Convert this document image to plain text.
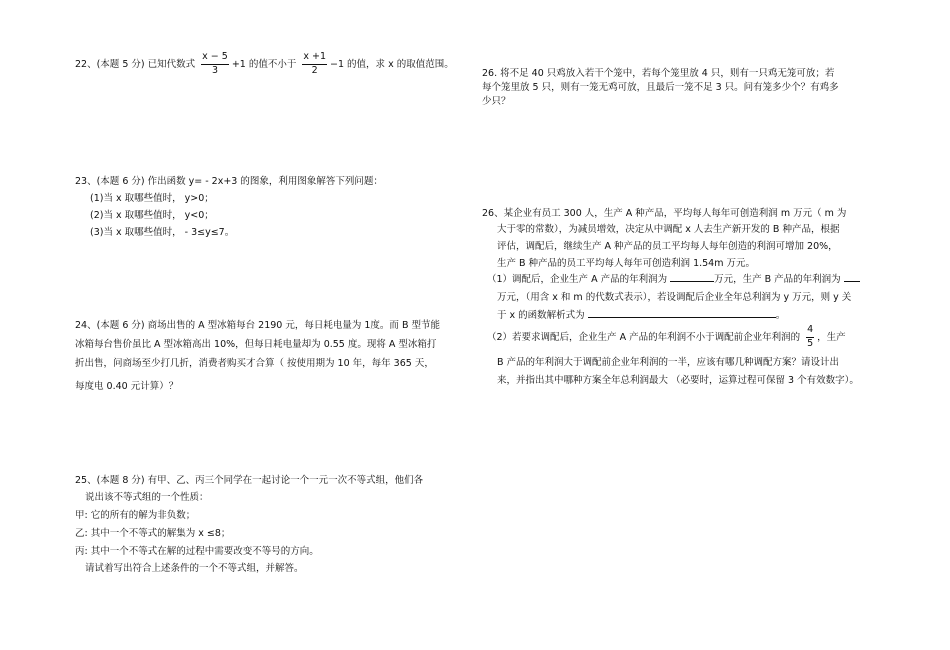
22、(本题 5 分) 已知代数式 $\frac{x - 5}{3} +1$ 的值不小于 $\frac{x +1}{2} -1$ 的值，求 x 的取值范围。
23、(本题 6 分) 作出函数 y= - 2x+3 的图象，利用图象解答下列问题：
(1)当 x 取哪些值时， y>0；
(2)当 x 取哪些值时， y<0；
(3)当 x 取哪些值时， - 3≤y≤7。
24、(本题 6 分) 商场出售的 A 型冰箱每台 2190 元，每日耗电量为 1度。而 B 型节能
冰箱每台售价虽比 A 型冰箱高出 10%，但每日耗电量却为 0.55 度。现将 A 型冰箱打
折出售，问商场至少打几折，消费者购买才合算（ 按使用期为 10 年，每年 365 天，
每度电 0.40 元计算）？
25、(本题 8 分) 有甲、乙、丙三个同学在一起讨论一个一元一次不等式组，他们各
说出该不等式组的一个性质：
甲: 它的所有的解为非负数；
乙: 其中一个不等式的解集为 x ≤8；
丙: 其中一个不等式在解的过程中需要改变不等号的方向。
请试着写出符合上述条件的一个不等式组，并解答。
26. 将不足 40 只鸡放入若干个笼中，若每个笼里放 4 只，则有一只鸡无笼可放；若
每个笼里放 5 只，则有一笼无鸡可放，且最后一笼不足 3 只。问有笼多少个？有鸡多
少只？
26、某企业有员工 300 人，生产 A 种产品，平均每人每年可创造利润 m 万元（ m 为
大于零的常数），为减员增效，决定从中调配 x 人去生产新开发的 B 种产品，根据
评估，调配后，继续生产 A 种产品的员工平均每人每年创造的利润可增加 20%，
生产 B 种产品的员工平均每人每年可创造利润 1.54m 万元。
（1）调配后，企业生产 A 产品的年利润为	万元，生产 B 产品的年利润为
万元，（用含 x 和 m 的代数式表示），若设调配后企业全年总利润为 y 万元，则 y 关
于 x 的函数解析式为	。
（2）若要求调配后，企业生产 A 产品的年利润不小于调配前企业年利润的 $\frac{4}{5}$ ，生产
B 产品的年利润大于调配前企业年利润的一半，应该有哪几种调配方案？请设计出
来，并指出其中哪种方案全年总利润最大 （必要时，运算过程可保留 3 个有效数字）。
